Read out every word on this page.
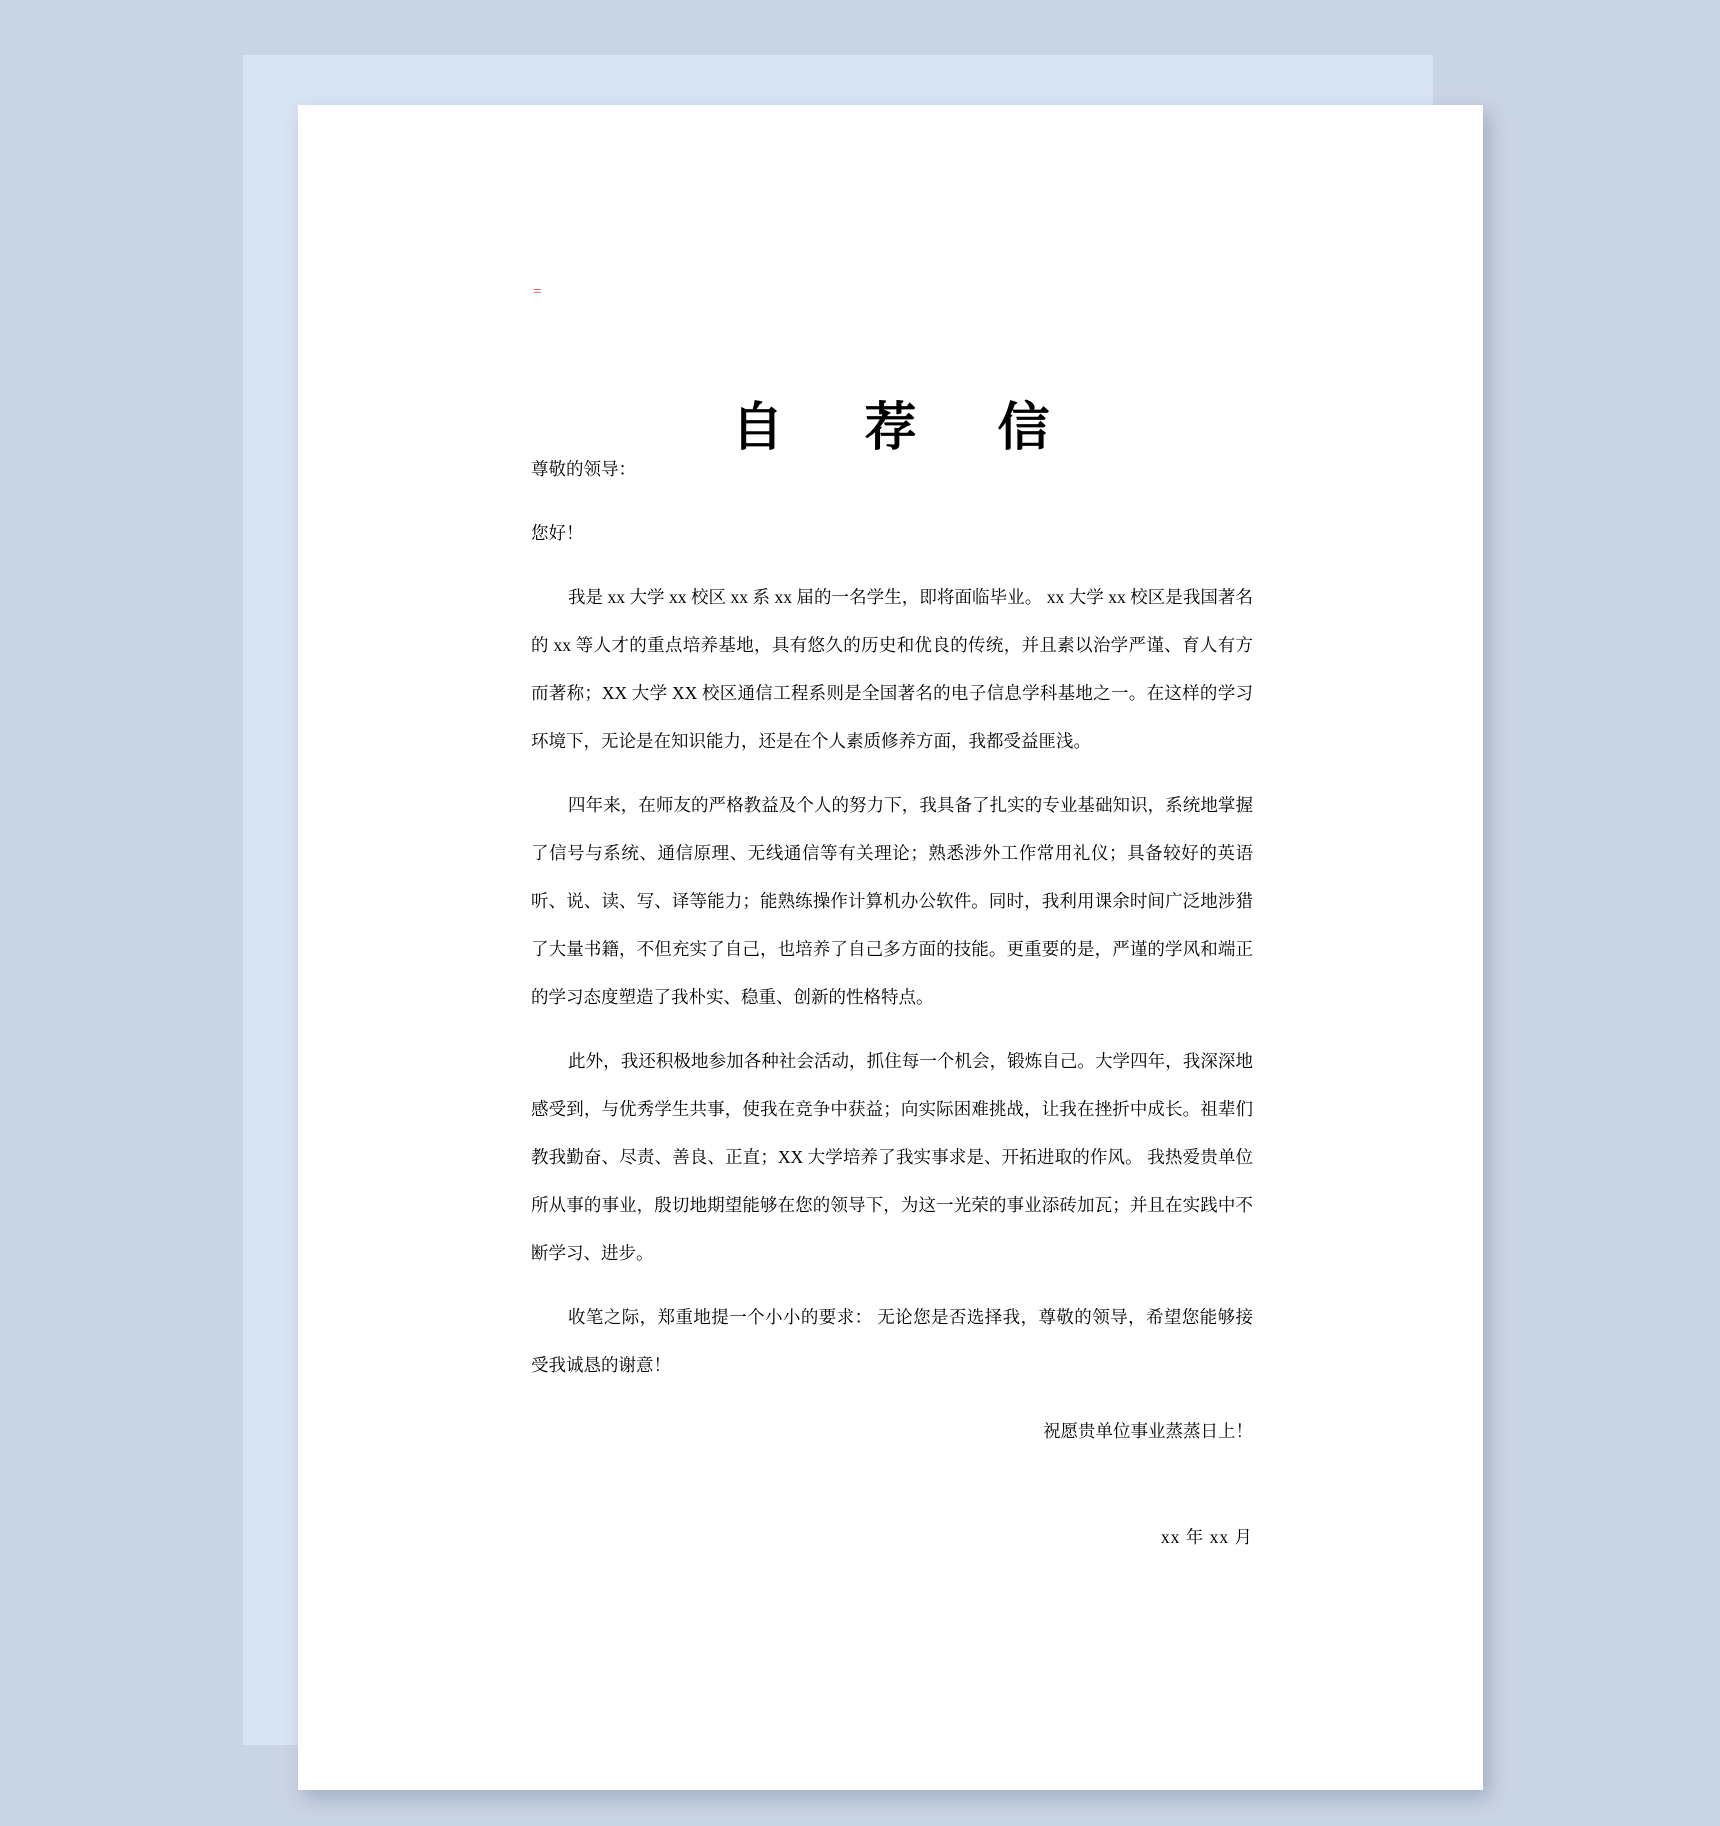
=
自 荐 信

尊敬的领导：

您好！

我是 xx 大学 xx 校区 xx 系 xx 届的一名学生，即将面临毕业。 xx 大学 xx 校区是我国著名的 xx 等人才的重点培养基地，具有悠久的历史和优良的传统，并且素以治学严谨、育人有方而著称；XX 大学 XX 校区通信工程系则是全国著名的电子信息学科基地之一。在这样的学习环境下，无论是在知识能力，还是在个人素质修养方面，我都受益匪浅。

四年来，在师友的严格教益及个人的努力下，我具备了扎实的专业基础知识，系统地掌握了信号与系统、通信原理、无线通信等有关理论；熟悉涉外工作常用礼仪；具备较好的英语听、说、读、写、译等能力；能熟练操作计算机办公软件。同时，我利用课余时间广泛地涉猎了大量书籍，不但充实了自己，也培养了自己多方面的技能。更重要的是，严谨的学风和端正的学习态度塑造了我朴实、稳重、创新的性格特点。

此外，我还积极地参加各种社会活动，抓住每一个机会，锻炼自己。大学四年，我深深地感受到，与优秀学生共事，使我在竞争中获益；向实际困难挑战，让我在挫折中成长。祖辈们教我勤奋、尽责、善良、正直；XX 大学培养了我实事求是、开拓进取的作风。 我热爱贵单位所从事的事业，殷切地期望能够在您的领导下，为这一光荣的事业添砖加瓦；并且在实践中不断学习、进步。

收笔之际，郑重地提一个小小的要求： 无论您是否选择我，尊敬的领导，希望您能够接受我诚恳的谢意！

祝愿贵单位事业蒸蒸日上！

xx 年 xx 月
